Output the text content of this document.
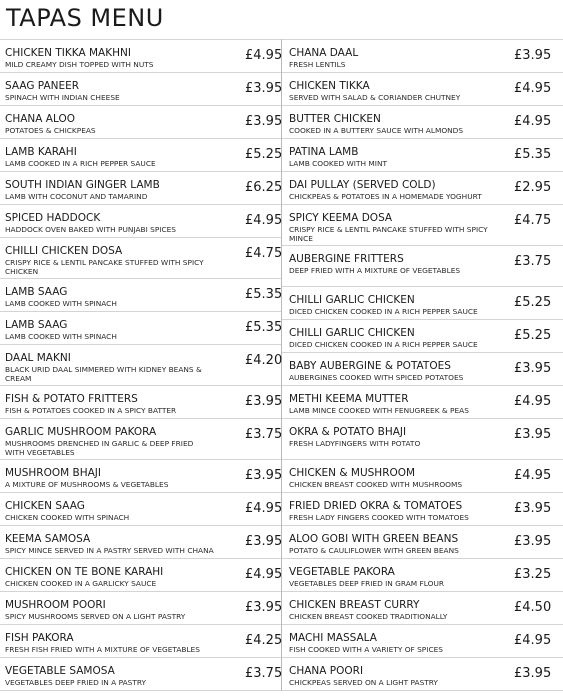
TAPAS MENU
CHICKEN TIKKA MAKHNI
MILD CREAMY DISH TOPPED WITH NUTS
£4.95
SAAG PANEER
SPINACH WITH INDIAN CHEESE
£3.95
CHANA ALOO
POTATOES & CHICKPEAS
£3.95
LAMB KARAHI
LAMB COOKED IN A RICH PEPPER SAUCE
£5.25
SOUTH INDIAN GINGER LAMB
LAMB WITH COCONUT AND TAMARIND
£6.25
SPICED HADDOCK
HADDOCK OVEN BAKED WITH PUNJABI SPICES
£4.95
CHILLI CHICKEN DOSA
CRISPY RICE & LENTIL PANCAKE STUFFED WITH SPICY CHICKEN
£4.75
LAMB SAAG
LAMB COOKED WITH SPINACH
£5.35
LAMB SAAG
LAMB COOKED WITH SPINACH
£5.35
DAAL MAKNI
BLACK URID DAAL SIMMERED WITH KIDNEY BEANS & CREAM
£4.20
FISH & POTATO FRITTERS
FISH & POTATOES COOKED IN A SPICY BATTER
£3.95
GARLIC MUSHROOM PAKORA
MUSHROOMS DRENCHED IN GARLIC & DEEP FRIED WITH VEGETABLES
£3.75
MUSHROOM BHAJI
A MIXTURE OF MUSHROOMS & VEGETABLES
£3.95
CHICKEN SAAG
CHICKEN COOKED WITH SPINACH
£4.95
KEEMA SAMOSA
SPICY MINCE SERVED IN A PASTRY SERVED WITH CHANA
£3.95
CHICKEN ON TE BONE KARAHI
CHICKEN COOKED IN A GARLICKY SAUCE
£4.95
MUSHROOM POORI
SPICY MUSHROOMS SERVED ON A LIGHT PASTRY
£3.95
FISH PAKORA
FRESH FISH FRIED WITH A MIXTURE OF VEGETABLES
£4.25
VEGETABLE SAMOSA
VEGETABLES DEEP FRIED IN A PASTRY
£3.75
CHANA DAAL
FRESH LENTILS
£3.95
CHICKEN TIKKA
SERVED WITH SALAD & CORIANDER CHUTNEY
£4.95
BUTTER CHICKEN
COOKED IN A BUTTERY SAUCE WITH ALMONDS
£4.95
PATINA LAMB
LAMB COOKED WITH MINT
£5.35
DAI PULLAY (SERVED COLD)
CHICKPEAS & POTATOES IN A HOMEMADE YOGHURT
£2.95
SPICY KEEMA DOSA
CRISPY RICE & LENTIL PANCAKE STUFFED WITH SPICY MINCE
£4.75
AUBERGINE FRITTERS
DEEP FRIED WITH A MIXTURE OF VEGETABLES
£3.75
CHILLI GARLIC CHICKEN
DICED CHICKEN COOKED IN A RICH PEPPER SAUCE
£5.25
CHILLI GARLIC CHICKEN
DICED CHICKEN COOKED IN A RICH PEPPER SAUCE
£5.25
BABY AUBERGINE & POTATOES
AUBERGINES COOKED WITH SPICED POTATOES
£3.95
METHI KEEMA MUTTER
LAMB MINCE COOKED WITH FENUGREEK & PEAS
£4.95
OKRA & POTATO BHAJI
FRESH LADYFINGERS WITH POTATO
£3.95
CHICKEN & MUSHROOM
CHICKEN BREAST COOKED WITH MUSHROOMS
£4.95
FRIED DRIED OKRA & TOMATOES
FRESH LADY FINGERS COOKED WITH TOMATOES
£3.95
ALOO GOBI WITH GREEN BEANS
POTATO & CAULIFLOWER WITH GREEN BEANS
£3.95
VEGETABLE PAKORA
VEGETABLES DEEP FRIED IN GRAM FLOUR
£3.25
CHICKEN BREAST CURRY
CHICKEN BREAST COOKED TRADITIONALLY
£4.50
MACHI MASSALA
FISH COOKED WITH A VARIETY OF SPICES
£4.95
CHANA POORI
CHICKPEAS SERVED ON A LIGHT PASTRY
£3.95
